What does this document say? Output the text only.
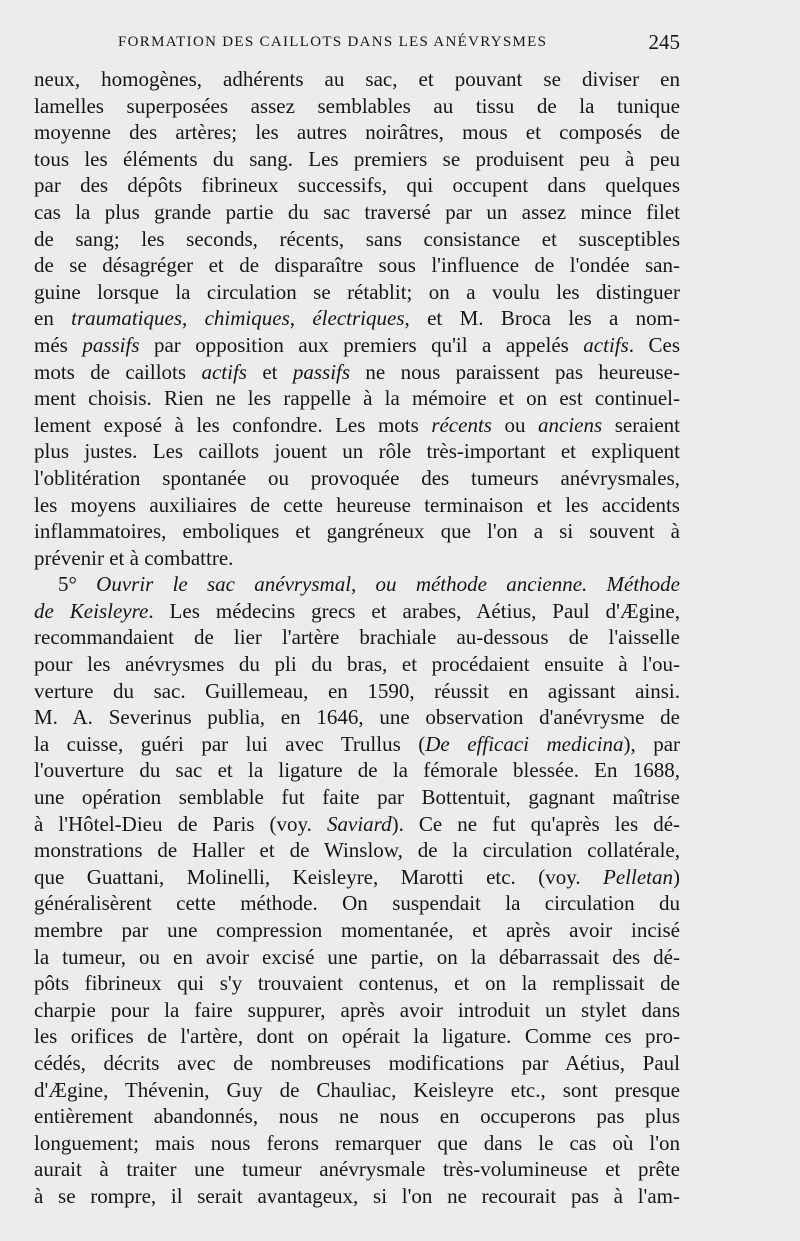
FORMATION DES CAILLOTS DANS LES ANÉVRYSMES	245
neux, homogènes, adhérents au sac, et pouvant se diviser en
lamelles superposées assez semblables au tissu de la tunique
moyenne des artères; les autres noirâtres, mous et composés de
tous les éléments du sang. Les premiers se produisent peu à peu
par des dépôts fibrineux successifs, qui occupent dans quelques
cas la plus grande partie du sac traversé par un assez mince filet
de sang; les seconds, récents, sans consistance et susceptibles
de se désagréger et de disparaître sous l'influence de l'ondée san-
guine lorsque la circulation se rétablit; on a voulu les distinguer
en traumatiques, chimiques, électriques, et M. Broca les a nom-
més passifs par opposition aux premiers qu'il a appelés actifs. Ces
mots de caillots actifs et passifs ne nous paraissent pas heureuse-
ment choisis. Rien ne les rappelle à la mémoire et on est continuel-
lement exposé à les confondre. Les mots récents ou anciens seraient
plus justes. Les caillots jouent un rôle très-important et expliquent
l'oblitération spontanée ou provoquée des tumeurs anévrysmales,
les moyens auxiliaires de cette heureuse terminaison et les accidents
inflammatoires, emboliques et gangréneux que l'on a si souvent à
prévenir et à combattre.
5° Ouvrir le sac anévrysmal, ou méthode ancienne. Méthode
de Keisleyre. Les médecins grecs et arabes, Aétius, Paul d'Ægine,
recommandaient de lier l'artère brachiale au-dessous de l'aisselle
pour les anévrysmes du pli du bras, et procédaient ensuite à l'ou-
verture du sac. Guillemeau, en 1590, réussit en agissant ainsi.
M. A. Severinus publia, en 1646, une observation d'anévrysme de
la cuisse, guéri par lui avec Trullus (De efficaci medicina), par
l'ouverture du sac et la ligature de la fémorale blessée. En 1688,
une opération semblable fut faite par Bottentuit, gagnant maîtrise
à l'Hôtel-Dieu de Paris (voy. Saviard). Ce ne fut qu'après les dé-
monstrations de Haller et de Winslow, de la circulation collatérale,
que Guattani, Molinelli, Keisleyre, Marotti etc. (voy. Pelletan)
généralisèrent cette méthode. On suspendait la circulation du
membre par une compression momentanée, et après avoir incisé
la tumeur, ou en avoir excisé une partie, on la débarrassait des dé-
pôts fibrineux qui s'y trouvaient contenus, et on la remplissait de
charpie pour la faire suppurer, après avoir introduit un stylet dans
les orifices de l'artère, dont on opérait la ligature. Comme ces pro-
cédés, décrits avec de nombreuses modifications par Aétius, Paul
d'Ægine, Thévenin, Guy de Chauliac, Keisleyre etc., sont presque
entièrement abandonnés, nous ne nous en occuperons pas plus
longuement; mais nous ferons remarquer que dans le cas où l'on
aurait à traiter une tumeur anévrysmale très-volumineuse et prête
à se rompre, il serait avantageux, si l'on ne recourait pas à l'am-
